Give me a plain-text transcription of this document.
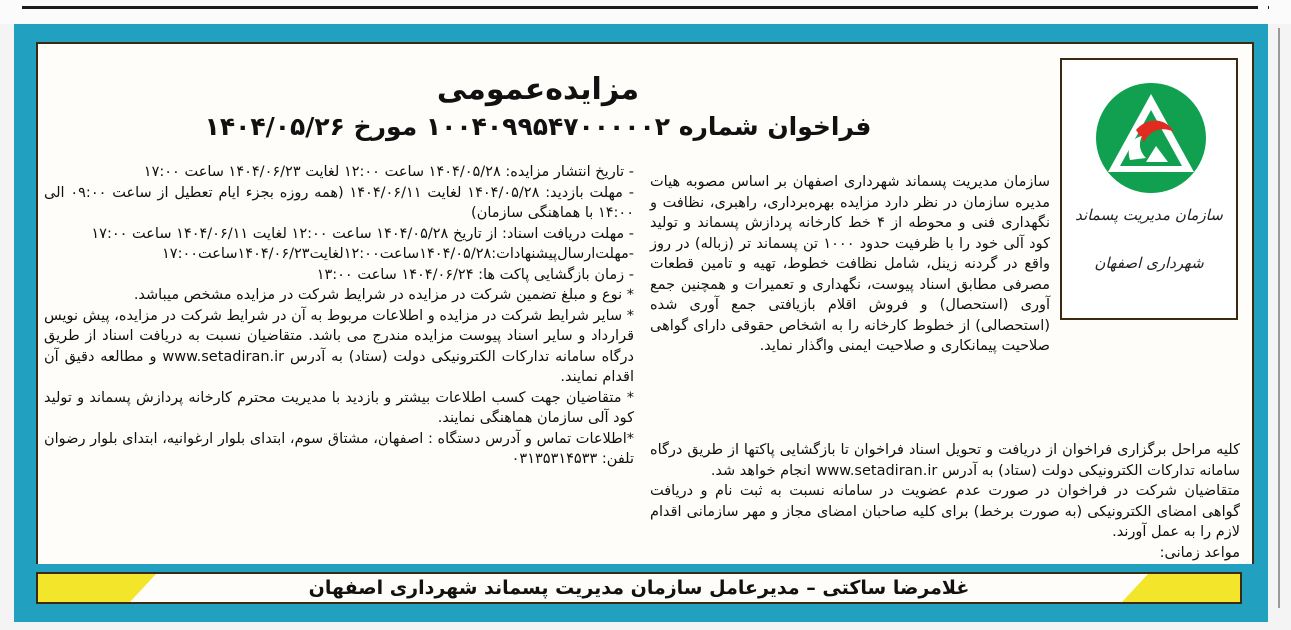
سازمان مدیریت پسماند
شهرداری اصفهان
مزایده‌عمومی
فراخوان شماره ۱۰۰۴۰۹۹۵۴۷۰۰۰۰۰۲ مورخ ۱۴۰۴/۰۵/۲۶

سازمان مدیریت پسماند شهرداری اصفهان بر اساس مصوبه هیات مدیره سازمان در نظر دارد مزایده بهره‌برداری، راهبری، نظافت و نگهداری فنی و محوطه از ۴ خط کارخانه پردازش پسماند و تولید کود آلی خود را با ظرفیت حدود ۱۰۰۰ تن پسماند تر (زباله) در روز واقع در گردنه زینل، شامل نظافت خطوط، تهیه و تامین قطعات مصرفی مطابق اسناد پیوست، نگهداری و تعمیرات و همچنین جمع آوری (استحصال) و فروش اقلام بازیافتی جمع آوری شده (استحصالی) از خطوط کارخانه را به اشخاص حقوقی دارای گواهی صلاحیت پیمانکاری و صلاحیت ایمنی واگذار نماید.

- تاریخ انتشار مزایده: ۱۴۰۴/۰۵/۲۸ ساعت ۱۲:۰۰ لغایت ۱۴۰۴/۰۶/۲۳ ساعت ۱۷:۰۰

- مهلت بازدید: ۱۴۰۴/۰۵/۲۸ لغایت ۱۴۰۴/۰۶/۱۱ (همه روزه بجزء ایام تعطیل از ساعت ۰۹:۰۰ الی ۱۴:۰۰ با هماهنگی سازمان)

- مهلت دریافت اسناد: از تاریخ ۱۴۰۴/۰۵/۲۸ ساعت ۱۲:۰۰ لغایت ۱۴۰۴/۰۶/۱۱ ساعت ۱۷:۰۰

-مهلت‌ارسال‌پیشنهادات:۱۴۰۴/۰۵/۲۸ساعت۱۲:۰۰لغایت۱۴۰۴/۰۶/۲۳ساعت۱۷:۰۰

- زمان بازگشایی پاکت ها: ۱۴۰۴/۰۶/۲۴ ساعت ۱۳:۰۰

* نوع و مبلغ تضمین شرکت در مزایده در شرایط شرکت در مزایده مشخص میباشد.

* سایر شرایط شرکت در مزایده و اطلاعات مربوط به آن در شرایط شرکت در مزایده، پیش نویس قرارداد و سایر اسناد پیوست مزایده مندرج می باشد. متقاضیان نسبت به دریافت اسناد از طریق درگاه سامانه تدارکات الکترونیکی دولت (ستاد) به آدرس www.setadiran.ir و مطالعه دقیق آن اقدام نمایند.

* متقاضیان جهت کسب اطلاعات بیشتر و بازدید با مدیریت محترم کارخانه پردازش پسماند و تولید کود آلی سازمان هماهنگی نمایند.

*اطلاعات تماس و آدرس دستگاه : اصفهان، مشتاق سوم، ابتدای بلوار ارغوانیه، ابتدای بلوار رضوان تلفن: ۰۳۱۳۵۳۱۴۵۳۳

کلیه مراحل برگزاری فراخوان از دریافت و تحویل اسناد فراخوان تا بازگشایی پاکتها از طریق درگاه سامانه تدارکات الکترونیکی دولت (ستاد) به آدرس www.setadiran.ir انجام خواهد شد.

متقاضیان شرکت در فراخوان در صورت عدم عضویت در سامانه نسبت به ثبت نام و دریافت گواهی امضای الکترونیکی (به صورت برخط) برای کلیه صاحبان امضای مجاز و مهر سازمانی اقدام لازم را به عمل آورند.

مواعد زمانی:

غلامرضا ساکتی – مدیرعامل سازمان مدیریت پسماند شهرداری اصفهان
